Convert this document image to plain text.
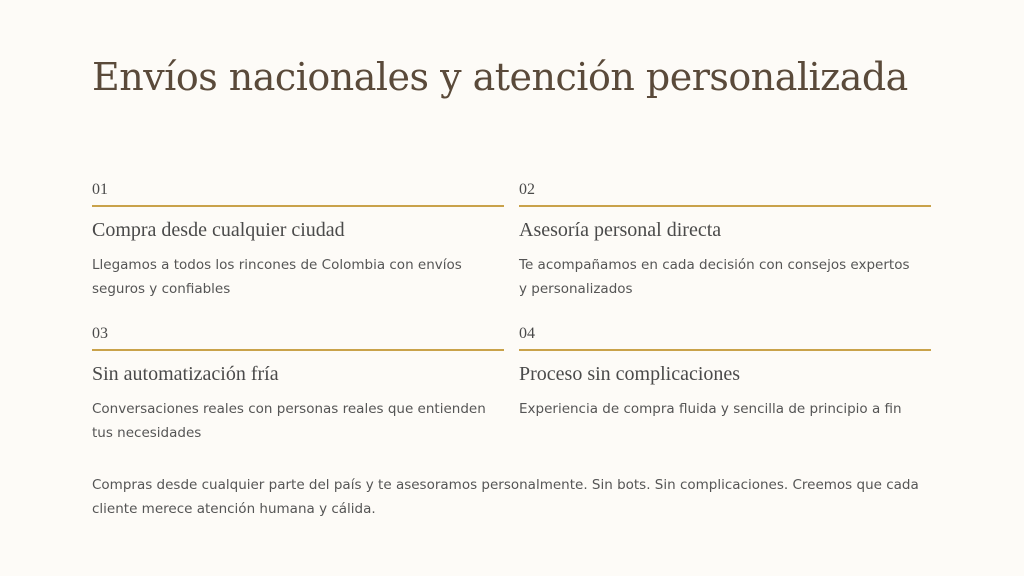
Envíos nacionales y atención personalizada
01
Compra desde cualquier ciudad
Llegamos a todos los rincones de Colombia con envíos seguros y confiables
02
Asesoría personal directa
Te acompañamos en cada decisión con consejos expertos y personalizados
03
Sin automatización fría
Conversaciones reales con personas reales que entienden tus necesidades
04
Proceso sin complicaciones
Experiencia de compra fluida y sencilla de principio a fin
Compras desde cualquier parte del país y te asesoramos personalmente. Sin bots. Sin complicaciones. Creemos que cada cliente merece atención humana y cálida.
